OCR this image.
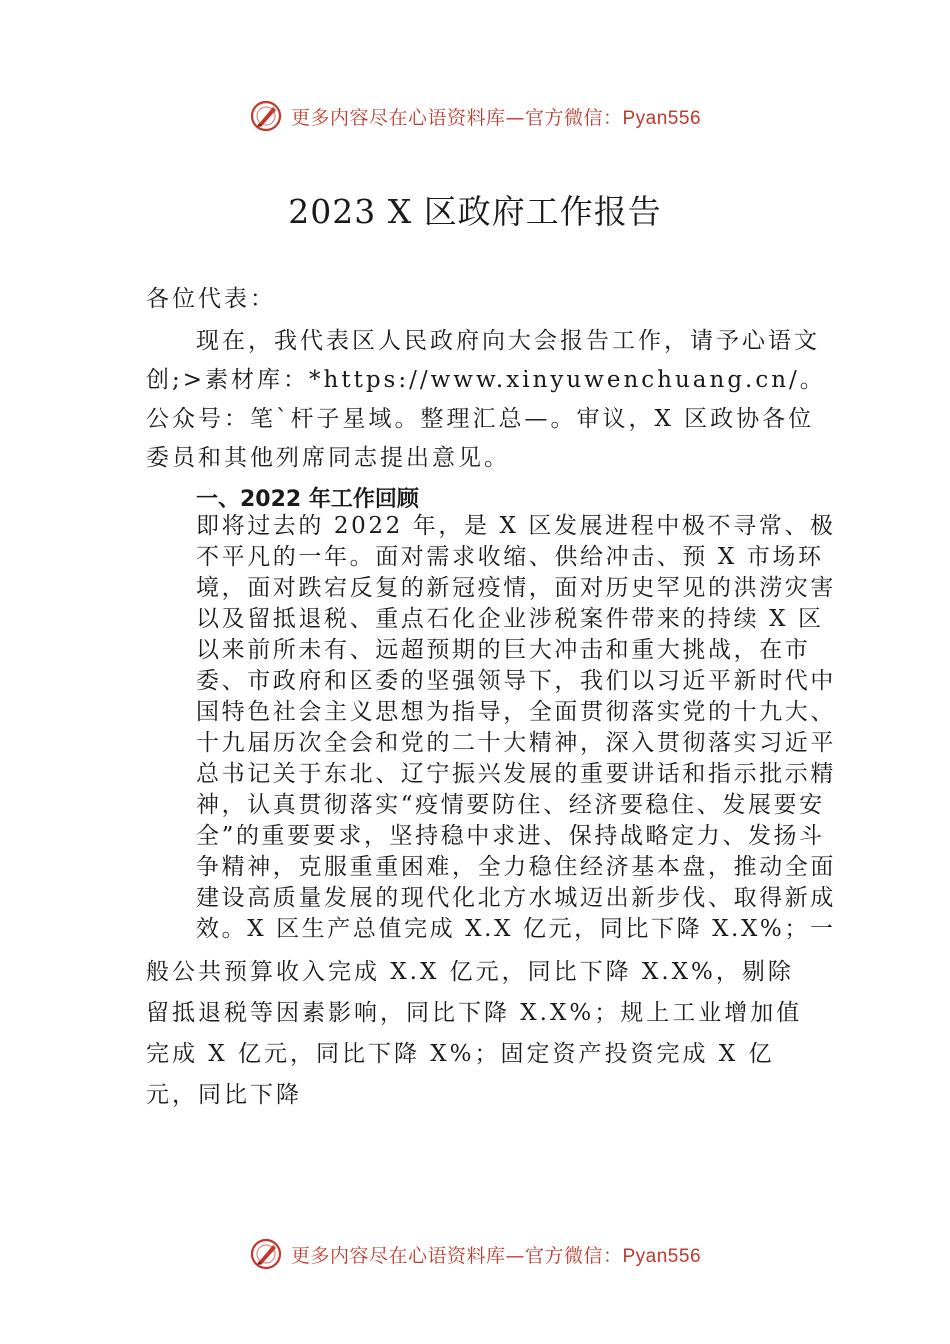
更多内容尽在心语资料库—官方微信：Pyan556
2023 X 区政府工作报告

各位代表：

现在，我代表区人民政府向大会报告工作，请予心语文创;>素材库：*https://www.xinyuwenchuang.cn/。公众号：笔`杆子星域。整理汇总—。审议，X 区政协各位委员和其他列席同志提出意见。

一、2022 年工作回顾

即将过去的 2022 年，是 X 区发展进程中极不寻常、极不平凡的一年。面对需求收缩、供给冲击、预 X 市场环境，面对跌宕反复的新冠疫情，面对历史罕见的洪涝灾害以及留抵退税、重点石化企业涉税案件带来的持续 X 区以来前所未有、远超预期的巨大冲击和重大挑战，在市委、市政府和区委的坚强领导下，我们以习近平新时代中国特色社会主义思想为指导，全面贯彻落实党的十九大、十九届历次全会和党的二十大精神，深入贯彻落实习近平总书记关于东北、辽宁振兴发展的重要讲话和指示批示精神，认真贯彻落实“疫情要防住、经济要稳住、发展要安全”的重要要求，坚持稳中求进、保持战略定力、发扬斗争精神，克服重重困难，全力稳住经济基本盘，推动全面建设高质量发展的现代化北方水城迈出新步伐、取得新成效。X 区生产总值完成 X.X 亿元，同比下降 X.X%；一

般公共预算收入完成 X.X 亿元，同比下降 X.X%，剔除留抵退税等因素影响，同比下降 X.X%；规上工业增加值完成 X 亿元，同比下降 X%；固定资产投资完成 X 亿元，同比下降

更多内容尽在心语资料库—官方微信：Pyan556
